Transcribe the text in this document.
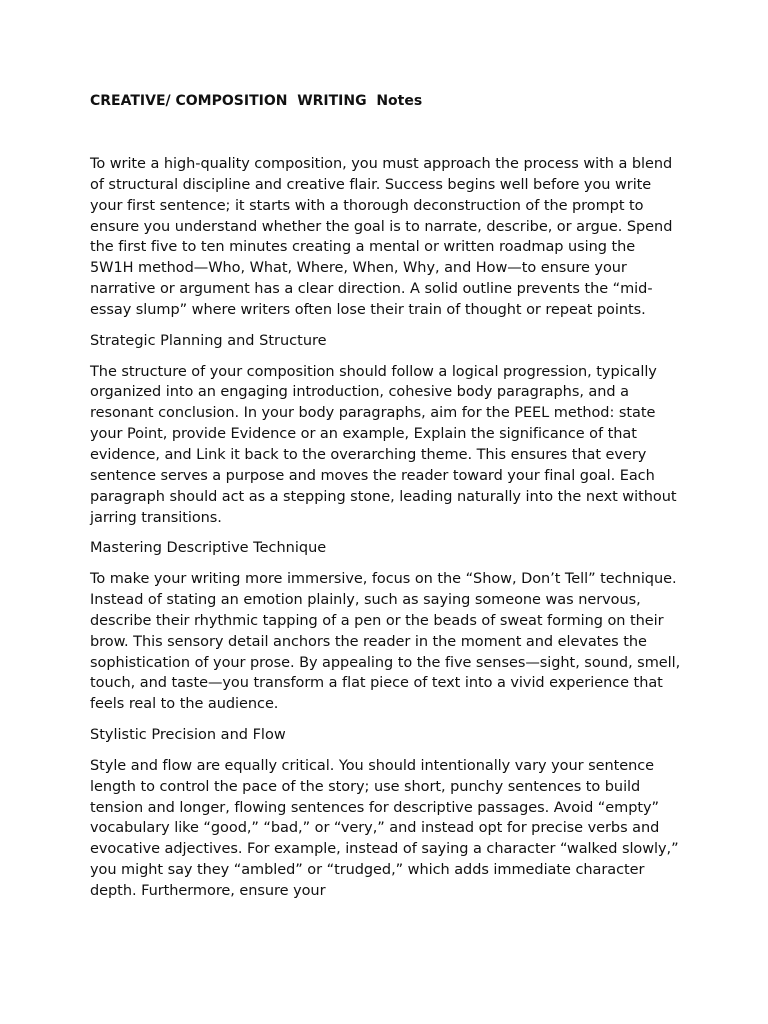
CREATIVE/ COMPOSITION  WRITING  Notes

To write a high-quality composition, you must approach the process with a blend of structural discipline and creative flair. Success begins well before you write your first sentence; it starts with a thorough deconstruction of the prompt to ensure you understand whether the goal is to narrate, describe, or argue. Spend the first five to ten minutes creating a mental or written roadmap using the 5W1H method—Who, What, Where, When, Why, and How—to ensure your narrative or argument has a clear direction. A solid outline prevents the “mid-essay slump” where writers often lose their train of thought or repeat points.

Strategic Planning and Structure

The structure of your composition should follow a logical progression, typically organized into an engaging introduction, cohesive body paragraphs, and a resonant conclusion. In your body paragraphs, aim for the PEEL method: state your Point, provide Evidence or an example, Explain the significance of that evidence, and Link it back to the overarching theme. This ensures that every sentence serves a purpose and moves the reader toward your final goal. Each paragraph should act as a stepping stone, leading naturally into the next without jarring transitions.

Mastering Descriptive Technique

To make your writing more immersive, focus on the “Show, Don’t Tell” technique. Instead of stating an emotion plainly, such as saying someone was nervous, describe their rhythmic tapping of a pen or the beads of sweat forming on their brow. This sensory detail anchors the reader in the moment and elevates the sophistication of your prose. By appealing to the five senses—sight, sound, smell, touch, and taste—you transform a flat piece of text into a vivid experience that feels real to the audience.

Stylistic Precision and Flow

Style and flow are equally critical. You should intentionally vary your sentence length to control the pace of the story; use short, punchy sentences to build tension and longer, flowing sentences for descriptive passages. Avoid “empty” vocabulary like “good,” “bad,” or “very,” and instead opt for precise verbs and evocative adjectives. For example, instead of saying a character “walked slowly,” you might say they “ambled” or “trudged,” which adds immediate character depth. Furthermore, ensure your
